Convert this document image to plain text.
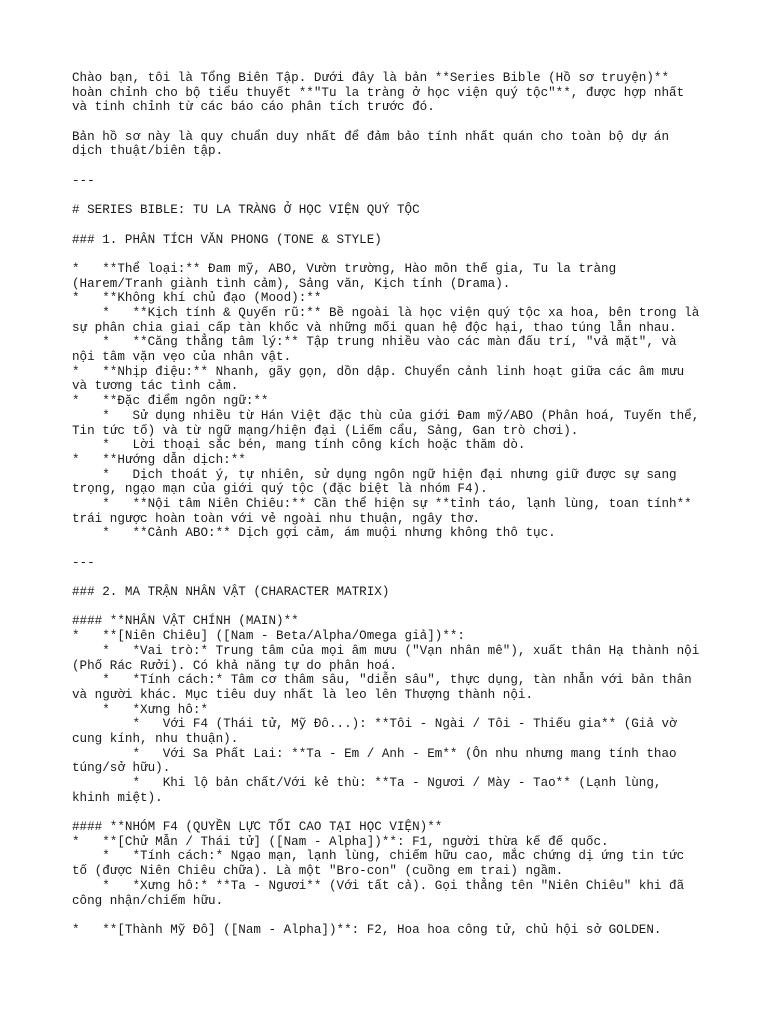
Chào bạn, tôi là Tổng Biên Tập. Dưới đây là bản **Series Bible (Hồ sơ truyện)**
hoàn chỉnh cho bộ tiểu thuyết **"Tu la tràng ở học viện quý tộc"**, được hợp nhất
và tinh chỉnh từ các báo cáo phân tích trước đó.
Bản hồ sơ này là quy chuẩn duy nhất để đảm bảo tính nhất quán cho toàn bộ dự án
dịch thuật/biên tập.
---
# SERIES BIBLE: TU LA TRÀNG Ở HỌC VIỆN QUÝ TỘC
### 1. PHÂN TÍCH VĂN PHONG (TONE & STYLE)
*   **Thể loại:** Đam mỹ, ABO, Vườn trường, Hào môn thế gia, Tu la tràng
(Harem/Tranh giành tình cảm), Sảng văn, Kịch tính (Drama).
*   **Không khí chủ đạo (Mood):**
*   **Kịch tính & Quyến rũ:** Bề ngoài là học viện quý tộc xa hoa, bên trong là
sự phân chia giai cấp tàn khốc và những mối quan hệ độc hại, thao túng lẫn nhau.
*   **Căng thẳng tâm lý:** Tập trung nhiều vào các màn đấu trí, "vả mặt", và
nội tâm vặn vẹo của nhân vật.
*   **Nhịp điệu:** Nhanh, gãy gọn, dồn dập. Chuyển cảnh linh hoạt giữa các âm mưu
và tương tác tình cảm.
*   **Đặc điểm ngôn ngữ:**
*   Sử dụng nhiều từ Hán Việt đặc thù của giới Đam mỹ/ABO (Phân hoá, Tuyến thể,
Tin tức tố) và từ ngữ mạng/hiện đại (Liếm cẩu, Sảng, Gan trò chơi).
*   Lời thoại sắc bén, mang tính công kích hoặc thăm dò.
*   **Hướng dẫn dịch:**
*   Dịch thoát ý, tự nhiên, sử dụng ngôn ngữ hiện đại nhưng giữ được sự sang
trọng, ngạo mạn của giới quý tộc (đặc biệt là nhóm F4).
*   **Nội tâm Niên Chiêu:** Cần thể hiện sự **tỉnh táo, lạnh lùng, toan tính**
trái ngược hoàn toàn với vẻ ngoài nhu thuận, ngây thơ.
*   **Cảnh ABO:** Dịch gợi cảm, ám muội nhưng không thô tục.
---
### 2. MA TRẬN NHÂN VẬT (CHARACTER MATRIX)
#### **NHÂN VẬT CHÍNH (MAIN)**
*   **[Niên Chiêu] ([Nam - Beta/Alpha/Omega giả])**:
*   *Vai trò:* Trung tâm của mọi âm mưu ("Vạn nhân mê"), xuất thân Hạ thành nội
(Phố Rác Rưởi). Có khả năng tự do phân hoá.
*   *Tính cách:* Tâm cơ thâm sâu, "diễn sâu", thực dụng, tàn nhẫn với bản thân
và người khác. Mục tiêu duy nhất là leo lên Thượng thành nội.
*   *Xưng hô:*
*   Với F4 (Thái tử, Mỹ Đô...): **Tôi - Ngài / Tôi - Thiếu gia** (Giả vờ
cung kính, nhu thuận).
*   Với Sa Phất Lai: **Ta - Em / Anh - Em** (Ôn nhu nhưng mang tính thao
túng/sở hữu).
*   Khi lộ bản chất/Với kẻ thù: **Ta - Ngươi / Mày - Tao** (Lạnh lùng,
khinh miệt).
#### **NHÓM F4 (QUYỀN LỰC TỐI CAO TẠI HỌC VIỆN)**
*   **[Chử Mẫn / Thái tử] ([Nam - Alpha])**: F1, người thừa kế đế quốc.
*   *Tính cách:* Ngạo mạn, lạnh lùng, chiếm hữu cao, mắc chứng dị ứng tin tức
tố (được Niên Chiêu chữa). Là một "Bro-con" (cuồng em trai) ngầm.
*   *Xưng hô:* **Ta - Ngươi** (Với tất cả). Gọi thẳng tên "Niên Chiêu" khi đã
công nhận/chiếm hữu.
*   **[Thành Mỹ Đô] ([Nam - Alpha])**: F2, Hoa hoa công tử, chủ hội sở GOLDEN.
